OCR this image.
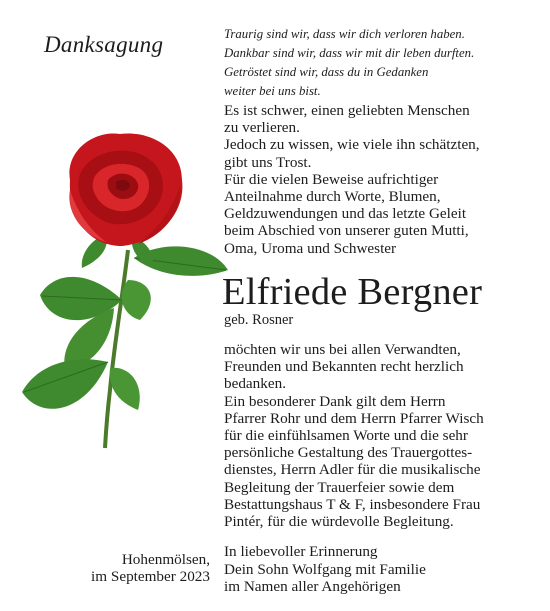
Danksagung	Traurig sind wir, dass wir dich verloren haben.
Dankbar sind wir, dass wir mit dir leben durften.
Getröstet sind wir, dass du in Gedanken
weiter bei uns bist.
Es ist schwer, einen geliebten Menschen
zu verlieren.
Jedoch zu wissen, wie viele ihn schätzten,
gibt uns Trost.
Für die vielen Beweise aufrichtiger
Anteilnahme durch Worte, Blumen,
Geldzuwendungen und das letzte Geleit
beim Abschied von unserer guten Mutti,
Oma, Uroma und Schwester
Elfriede Bergner
geb. Rosner
möchten wir uns bei allen Verwandten,
Freunden und Bekannten recht herzlich
bedanken.
Ein besonderer Dank gilt dem Herrn
Pfarrer Rohr und dem Herrn Pfarrer Wisch
für die einfühlsamen Worte und die sehr
persönliche Gestaltung des Trauergottes-
dienstes, Herrn Adler für die musikalische
Begleitung der Trauerfeier sowie dem
Bestattungshaus T & F, insbesondere Frau
Pintér, für die würdevolle Begleitung.
Hohenmölsen,
im September 2023
In liebevoller Erinnerung
Dein Sohn Wolfgang mit Familie
im Namen aller Angehörigen
